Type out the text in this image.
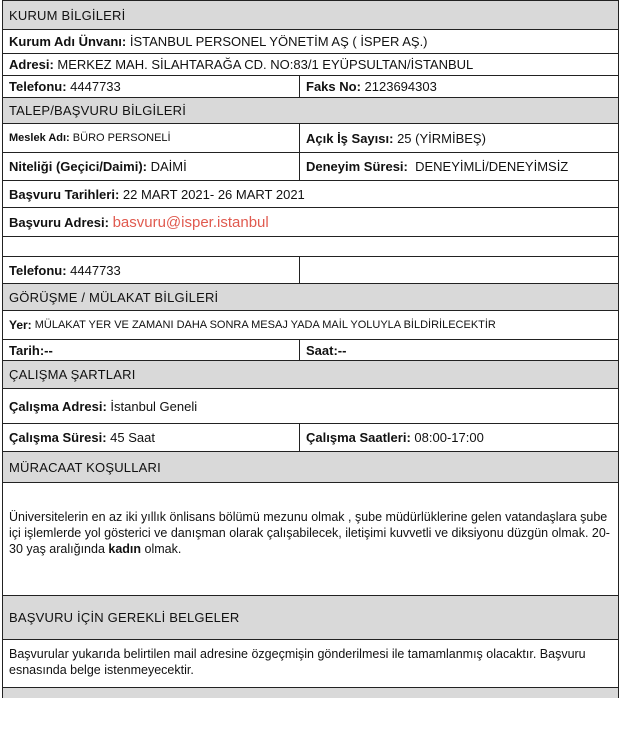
KURUM BİLGİLERİ
Kurum Adı Ünvanı:
İSTANBUL PERSONEL YÖNETİM AŞ ( İSPER AŞ.)
Adresi:
MERKEZ MAH. SİLAHTARAĞA CD. NO:83/1 EYÜPSULTAN/İSTANBUL
Telefonu:
4447733	Faks No:
2123694303
TALEP/BAŞVURU BİLGİLERİ
Meslek Adı:
BÜRO PERSONELİ	Açık İş Sayısı:
25 (YİRMİBEŞ)
Niteliği (Geçici/Daimi):
DAİMİ	Deneyim Süresi:
DENEYİMLİ/DENEYİMSİZ
Başvuru Tarihleri:
22 MART 2021- 26 MART 2021
Başvuru Adresi:
basvuru@isper.istanbul
Telefonu:
4447733
GÖRÜŞME / MÜLAKAT BİLGİLERİ
Yer:
MÜLAKAT YER VE ZAMANI DAHA SONRA MESAJ YADA MAİL YOLUYLA BİLDİRİLECEKTİR
Tarih:--	Saat:--
ÇALIŞMA ŞARTLARI
Çalışma Adresi:
İstanbul Geneli
Çalışma Süresi:
45 Saat	Çalışma Saatleri:
08:00-17:00
MÜRACAAT KOŞULLARI
Üniversitelerin en az iki yıllık önlisans bölümü mezunu olmak , şube müdürlüklerine gelen vatandaşlara şube içi işlemlerde yol gösterici ve danışman olarak çalışabilecek, iletişimi kuvvetli ve diksiyonu düzgün olmak. 20-30 yaş aralığında kadın olmak.
BAŞVURU İÇİN GEREKLİ BELGELER
Başvurular yukarıda belirtilen mail adresine özgeçmişin gönderilmesi ile tamamlanmış olacaktır. Başvuru esnasında belge istenmeyecektir.
